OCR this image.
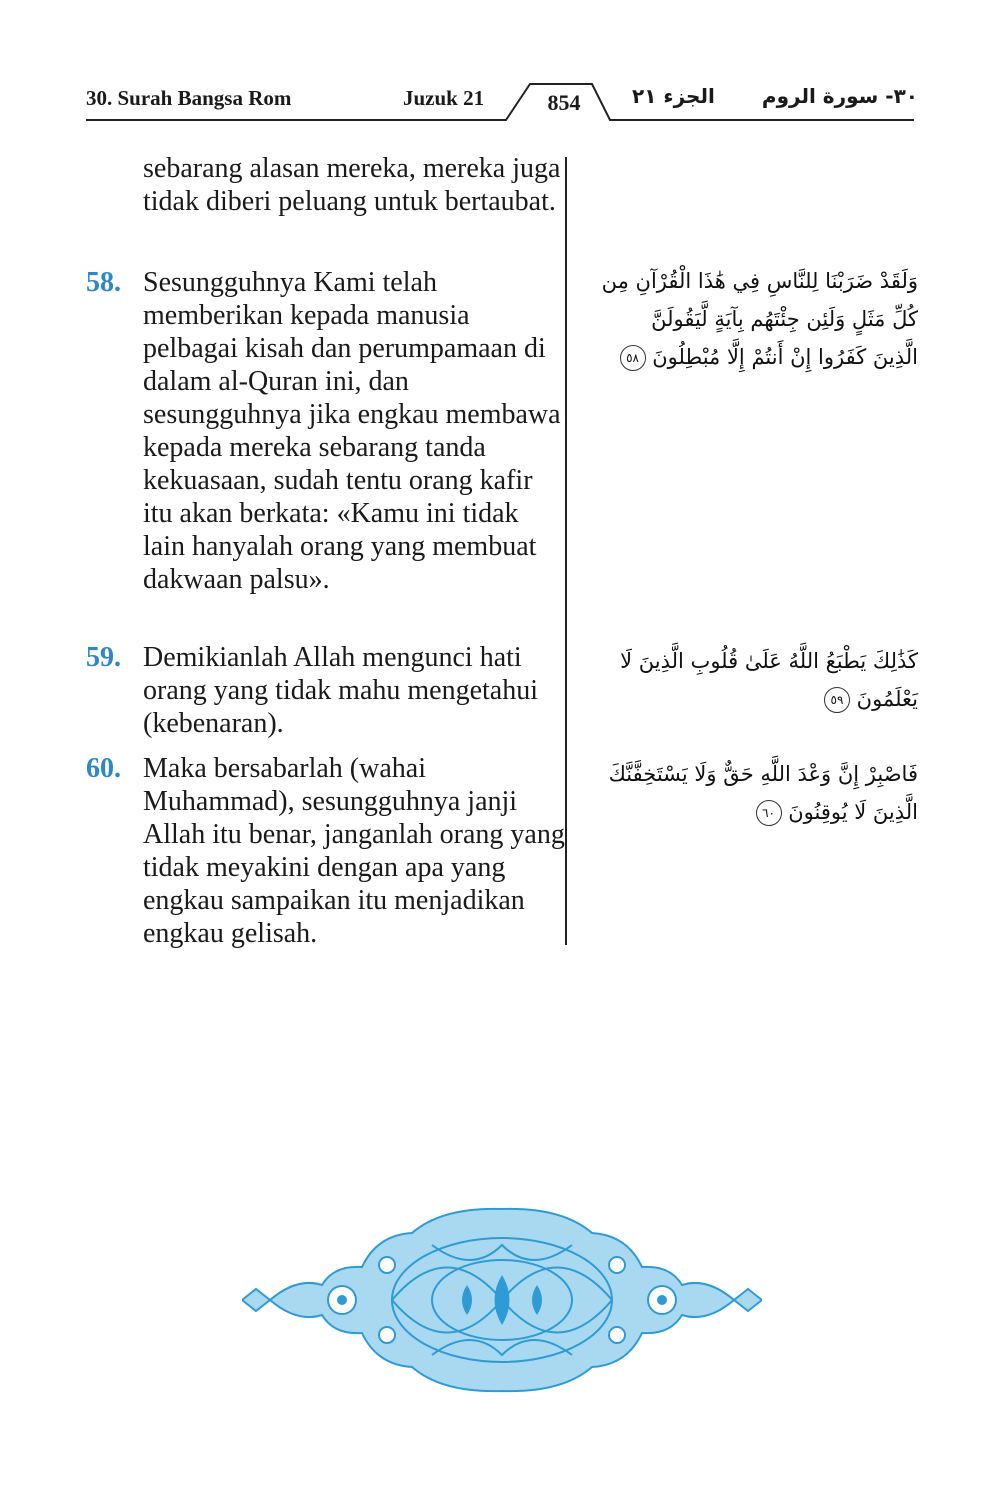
30. Surah Bangsa Rom	Juzuk 21	854	الجزء ٢١ ٣٠- سورة الروم
sebarang alasan mereka, mereka juga tidak diberi peluang untuk bertaubat.
58. Sesungguhnya Kami telah memberikan kepada manusia pelbagai kisah dan perumpamaan di dalam al-Quran ini, dan sesungguhnya jika engkau membawa kepada mereka sebarang tanda kekuasaan, sudah tentu orang kafir itu akan berkata: «Kamu ini tidak lain hanyalah orang yang membuat dakwaan palsu».
59. Demikianlah Allah mengunci hati orang yang tidak mahu mengetahui (kebenaran).
60. Maka bersabarlah (wahai Muhammad), sesungguhnya janji Allah itu benar, janganlah orang yang tidak meyakini dengan apa yang engkau sampaikan itu menjadikan engkau gelisah.
وَلَقَدْ ضَرَبْنَا لِلنَّاسِ فِي هَٰذَا الْقُرْآنِ مِن
كُلِّ مَثَلٍ وَلَئِن جِئْتَهُم بِآيَةٍ لَّيَقُولَنَّ
الَّذِينَ كَفَرُوا إِنْ أَنتُمْ إِلَّا مُبْطِلُونَ ٥٨
كَذَٰلِكَ يَطْبَعُ اللَّهُ عَلَىٰ قُلُوبِ الَّذِينَ لَا يَعْلَمُونَ ٥٩
فَاصْبِرْ إِنَّ وَعْدَ اللَّهِ حَقٌّ وَلَا يَسْتَخِفَّنَّكَ
الَّذِينَ لَا يُوقِنُونَ ٦٠
